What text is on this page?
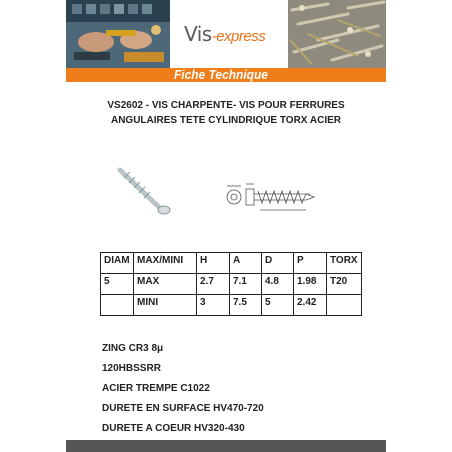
Vis-express
Fiche Technique
VS2602 - VIS CHARPENTE- VIS POUR FERRURES
ANGULAIRES TETE CYLINDRIQUE TORX ACIER
DIAM	MAX/MINI	H	A	D	P	TORX
5	MAX	2.7	7.1	4.8	1.98	T20
	MINI	3	7.5	5	2.42	
ZING CR3 8μ
120HBSSRR
ACIER TREMPE C1022
DURETE EN SURFACE HV470-720
DURETE A COEUR HV320-430
